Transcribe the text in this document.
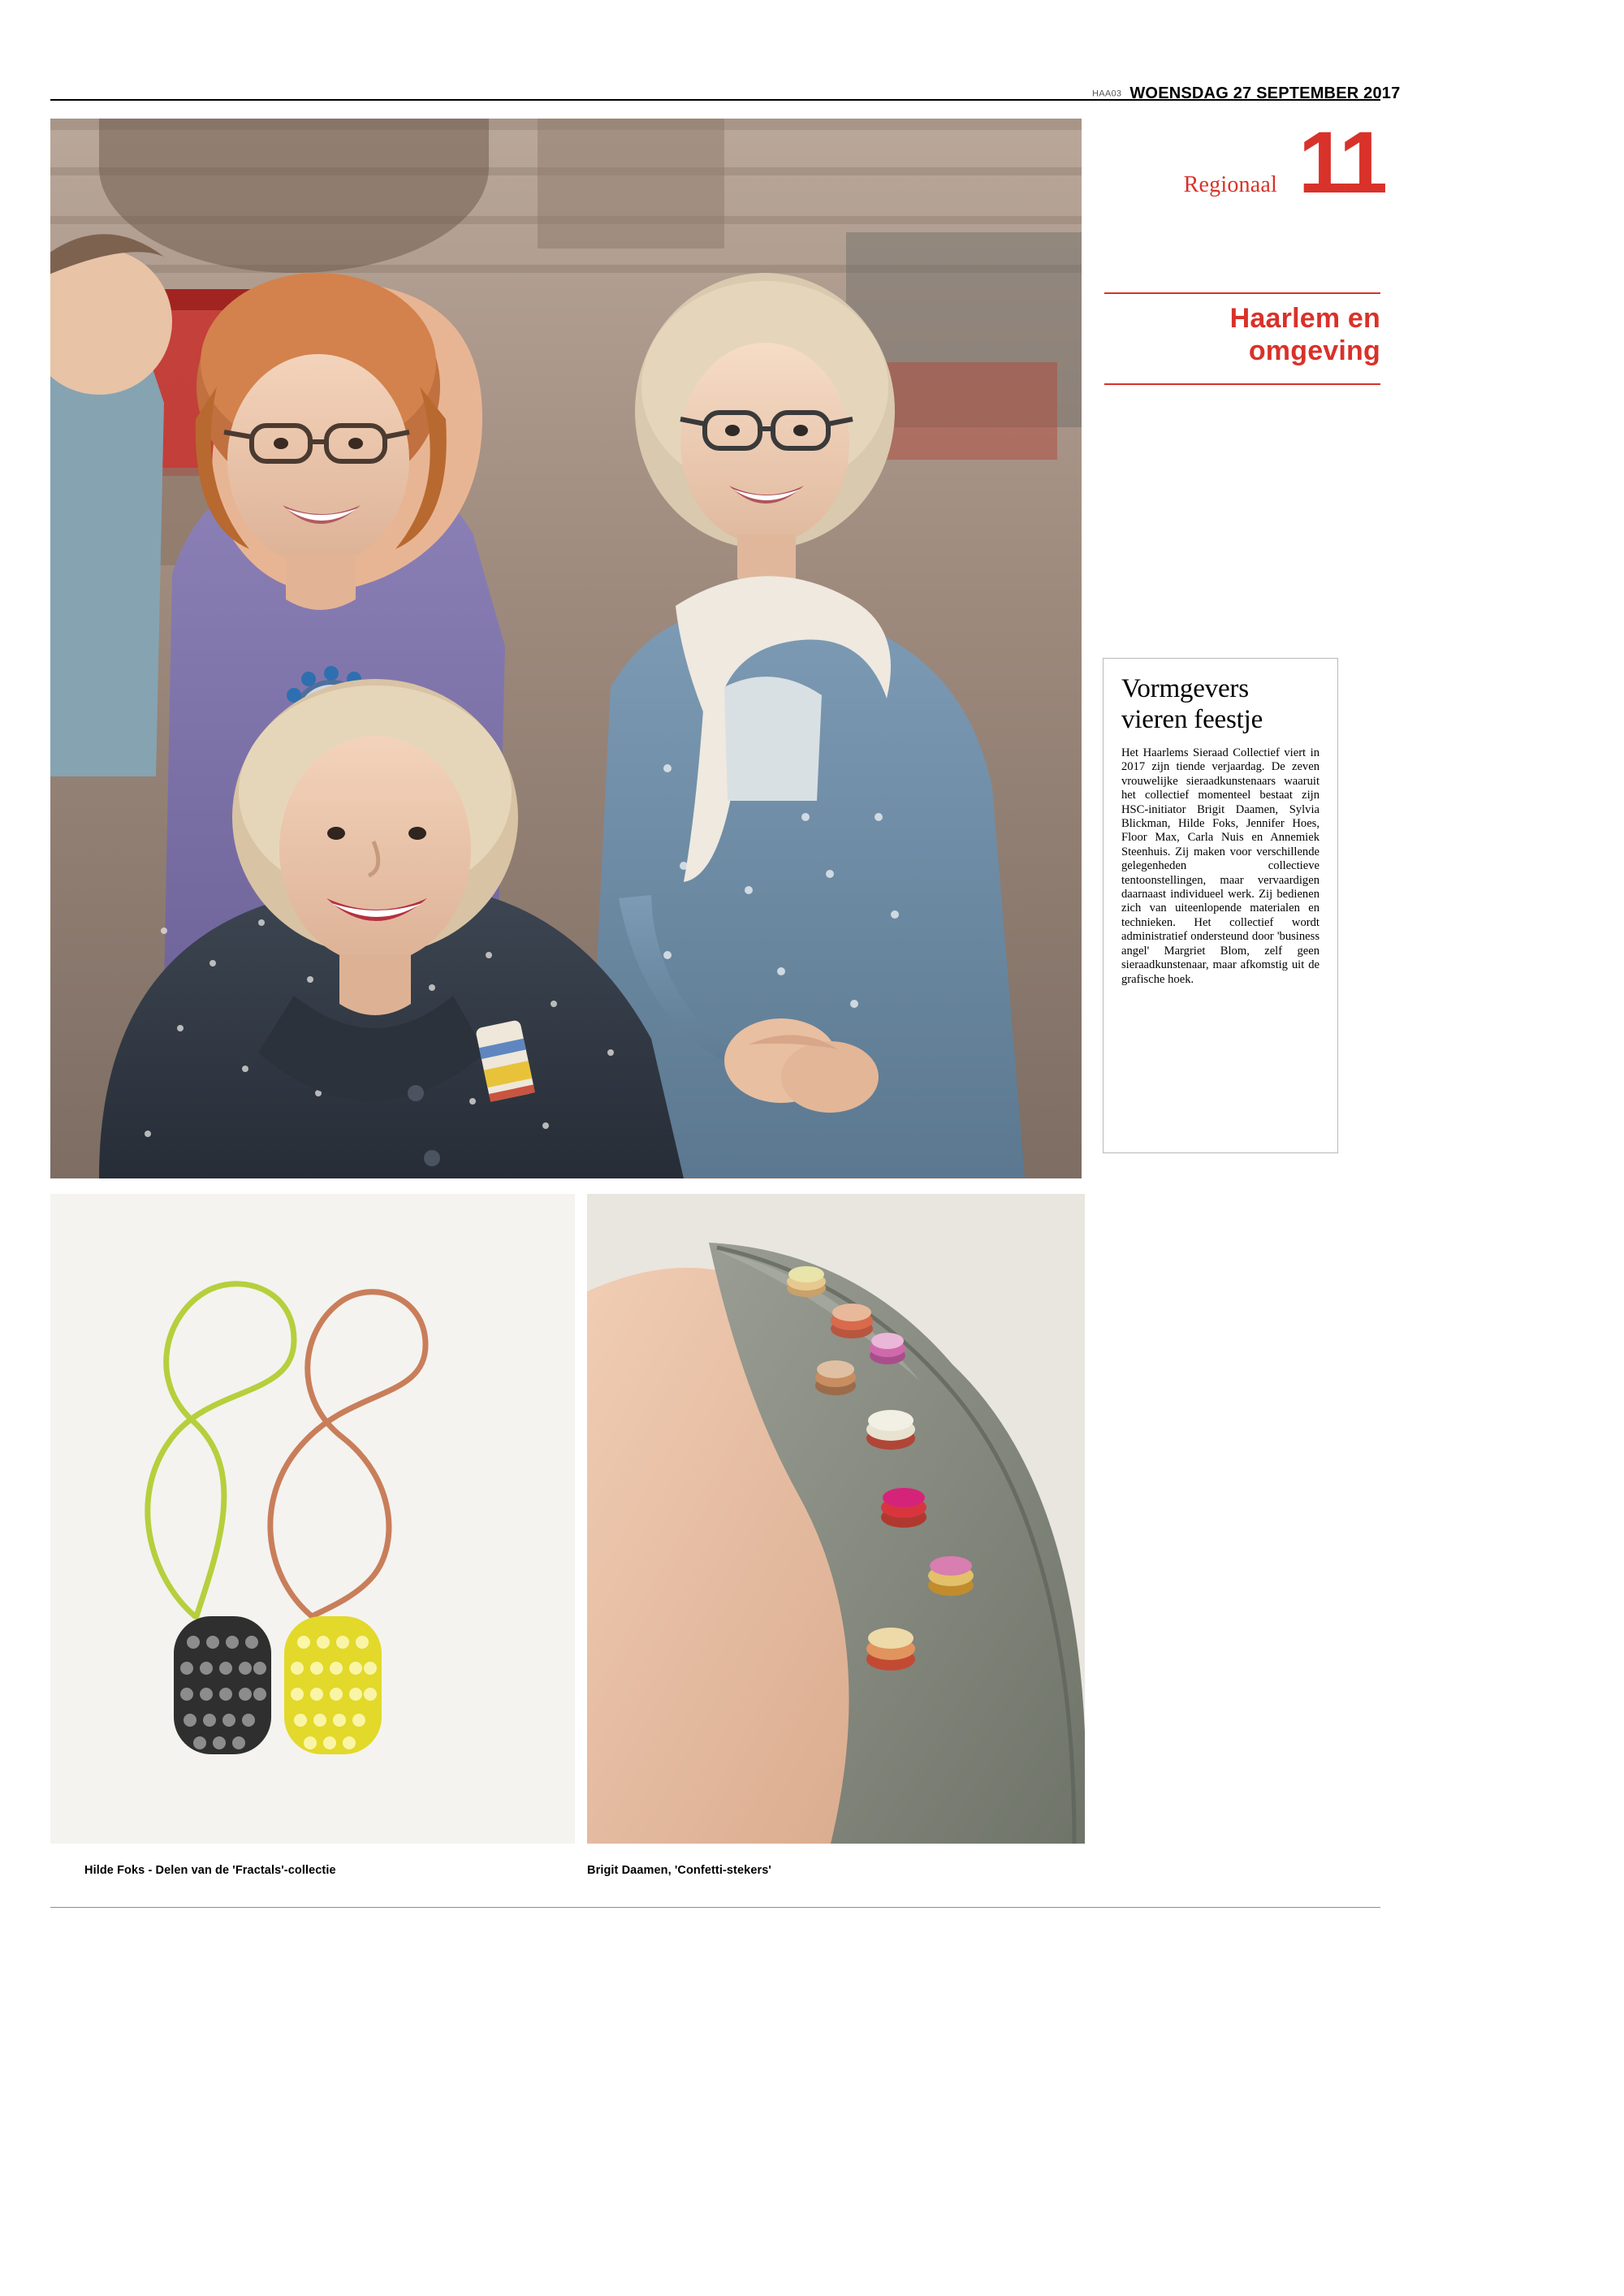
HAA03 WOENSDAG 27 SEPTEMBER 2017
Regionaal 11
Haarlem en
omgeving
Vormgevers
vieren feestje

Het Haarlems Sieraad Collectief viert in 2017 zijn tiende verjaardag. De zeven vrouwelijke sieraadkunstenaars waaruit het collectief momenteel bestaat zijn HSC-initiator Brigit Daamen, Sylvia Blickman, Hilde Foks, Jennifer Hoes, Floor Max, Carla Nuis en Annemiek Steenhuis. Zij maken voor verschillende gelegenheden collectieve tentoonstellingen, maar vervaardigen daarnaast individueel werk. Zij bedienen zich van uiteenlopende materialen en technieken. Het collectief wordt administratief ondersteund door 'business angel' Margriet Blom, zelf geen sieraadkunstenaar, maar afkomstig uit de grafische hoek.

Hilde Foks - Delen van de 'Fractals'-collectie	Brigit Daamen, 'Confetti-stekers'
